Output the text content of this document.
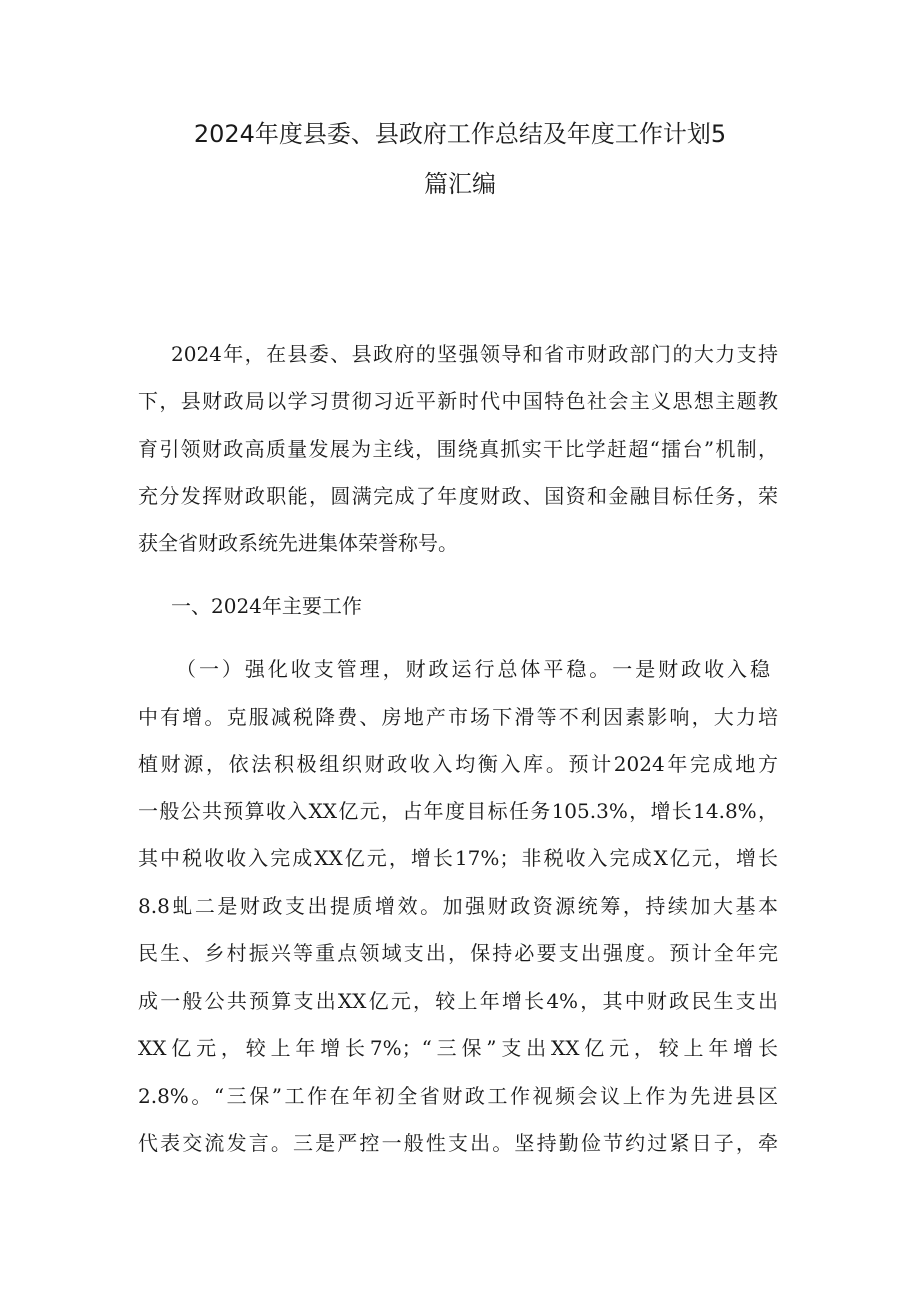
2024年度县委、县政府工作总结及年度工作计划5
篇汇编
2024年，在县委、县政府的坚强领导和省市财政部门的大力支持
下，县财政局以学习贯彻习近平新时代中国特色社会主义思想主题教
育引领财政高质量发展为主线，围绕真抓实干比学赶超“擂台”机制，
充分发挥财政职能，圆满完成了年度财政、国资和金融目标任务，荣
获全省财政系统先进集体荣誉称号。
一、2024年主要工作
（一）强化收支管理，财政运行总体平稳。一是财政收入稳
中有增。克服减税降费、房地产市场下滑等不利因素影响，大力培
植财源，依法积极组织财政收入均衡入库。预计2024年完成地方
一般公共预算收入XX亿元，占年度目标任务105.3%，增长14.8%，
其中税收收入完成XX亿元，增长17%；非税收入完成X亿元，增长
8.8虬二是财政支出提质增效。加强财政资源统筹，持续加大基本
民生、乡村振兴等重点领域支出，保持必要支出强度。预计全年完
成一般公共预算支出XX亿元，较上年增长4%，其中财政民生支出
XX亿元，较上年增长7%；“三保”支出XX亿元，较上年增长
2.8%。“三保”工作在年初全省财政工作视频会议上作为先进县区
代表交流发言。三是严控一般性支出。坚持勤俭节约过紧日子，牵
